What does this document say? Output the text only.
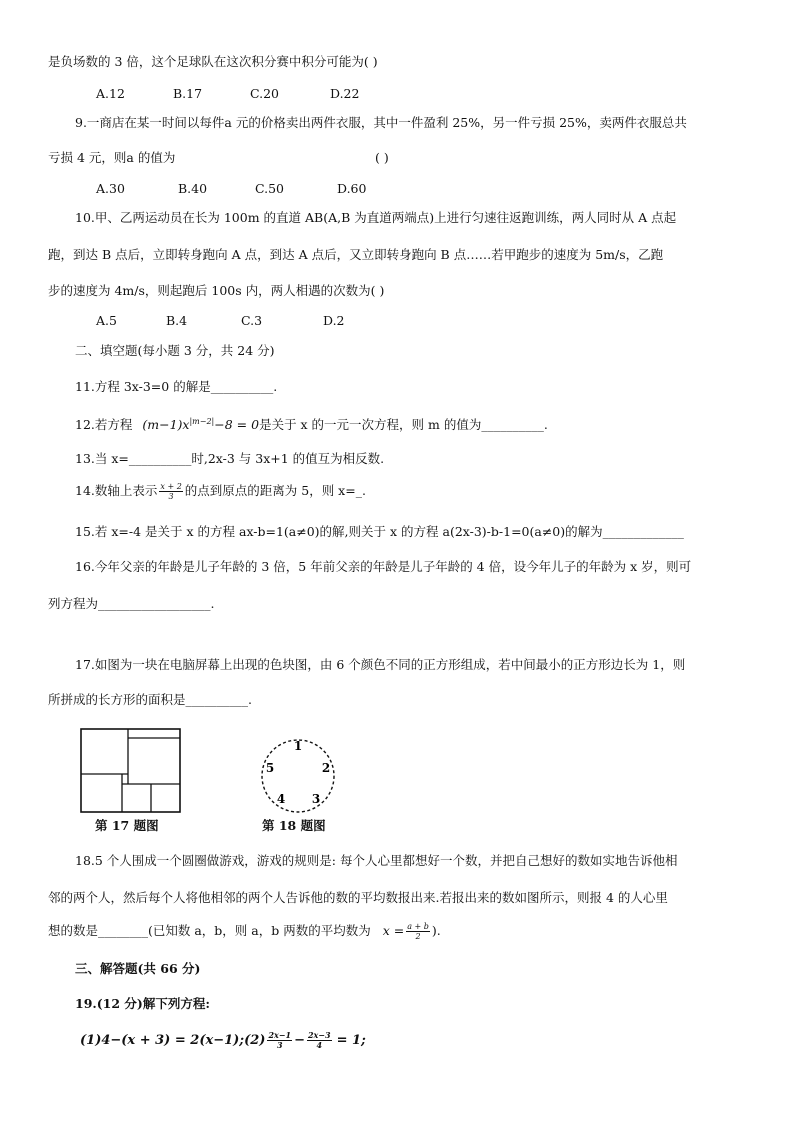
是负场数的 3 倍，这个足球队在这次积分赛中积分可能为( )
A.12	B.17	C.20	D.22
9.一商店在某一时间以每件a 元的价格卖出两件衣服，其中一件盈利 25%，另一件亏损 25%，卖两件衣服总共
亏损 4 元，则a 的值为	( )
A.30	B.40	C.50	D.60
10.甲、乙两运动员在长为 100m 的直道 AB(A,B 为直道两端点)上进行匀速往返跑训练，两人同时从 A 点起
跑，到达 B 点后，立即转身跑向 A 点，到达 A 点后，又立即转身跑向 B 点……若甲跑步的速度为 5m/s，乙跑
步的速度为 4m/s，则起跑后 100s 内，两人相遇的次数为( )
A.5	B.4	C.3	D.2
二、填空题(每小题 3 分，共 24 分)
11.方程 3x-3=0 的解是__________.
12.若方程 $(m-1)x^{|m-2|}-8 = 0$是关于 x 的一元一次方程，则 m 的值为__________.
13.当 x=__________时,2x-3 与 3x+1 的值互为相反数.
14.数轴上表示 $\frac{x + 2}{3}$ 的点到原点的距离为 5，则 x=_.
15.若 x=-4 是关于 x 的方程 ax-b=1(a≠0)的解,则关于 x 的方程 a(2x-3)-b-1=0(a≠0)的解为_____________
16.今年父亲的年龄是儿子年龄的 3 倍，5 年前父亲的年龄是儿子年龄的 4 倍，设今年儿子的年龄为 x 岁，则可
列方程为__________________.
17.如图为一块在电脑屏幕上出现的色块图，由 6 个颜色不同的正方形组成，若中间最小的正方形边长为 1，则
所拼成的长方形的面积是__________.
第 17 题图
1
2
3
4
5
第 18 题图
18.5 个人围成一个圆圈做游戏，游戏的规则是: 每个人心里都想好一个数，并把自己想好的数如实地告诉他相
邻的两个人，然后每个人将他相邻的两个人告诉他的数的平均数报出来.若报出来的数如图所示，则报 4 的人心里
想的数是________(已知数 a，b，则 a，b 两数的平均数为 $x = \frac{a + b}{2}$ ).
三、解答题(共 66 分)
19.(12 分)解下列方程:
(1)4−(x + 3) = 2(x−1);(2) $\frac{2x-1}{3} - \frac{2x-3}{4} = 1$;
